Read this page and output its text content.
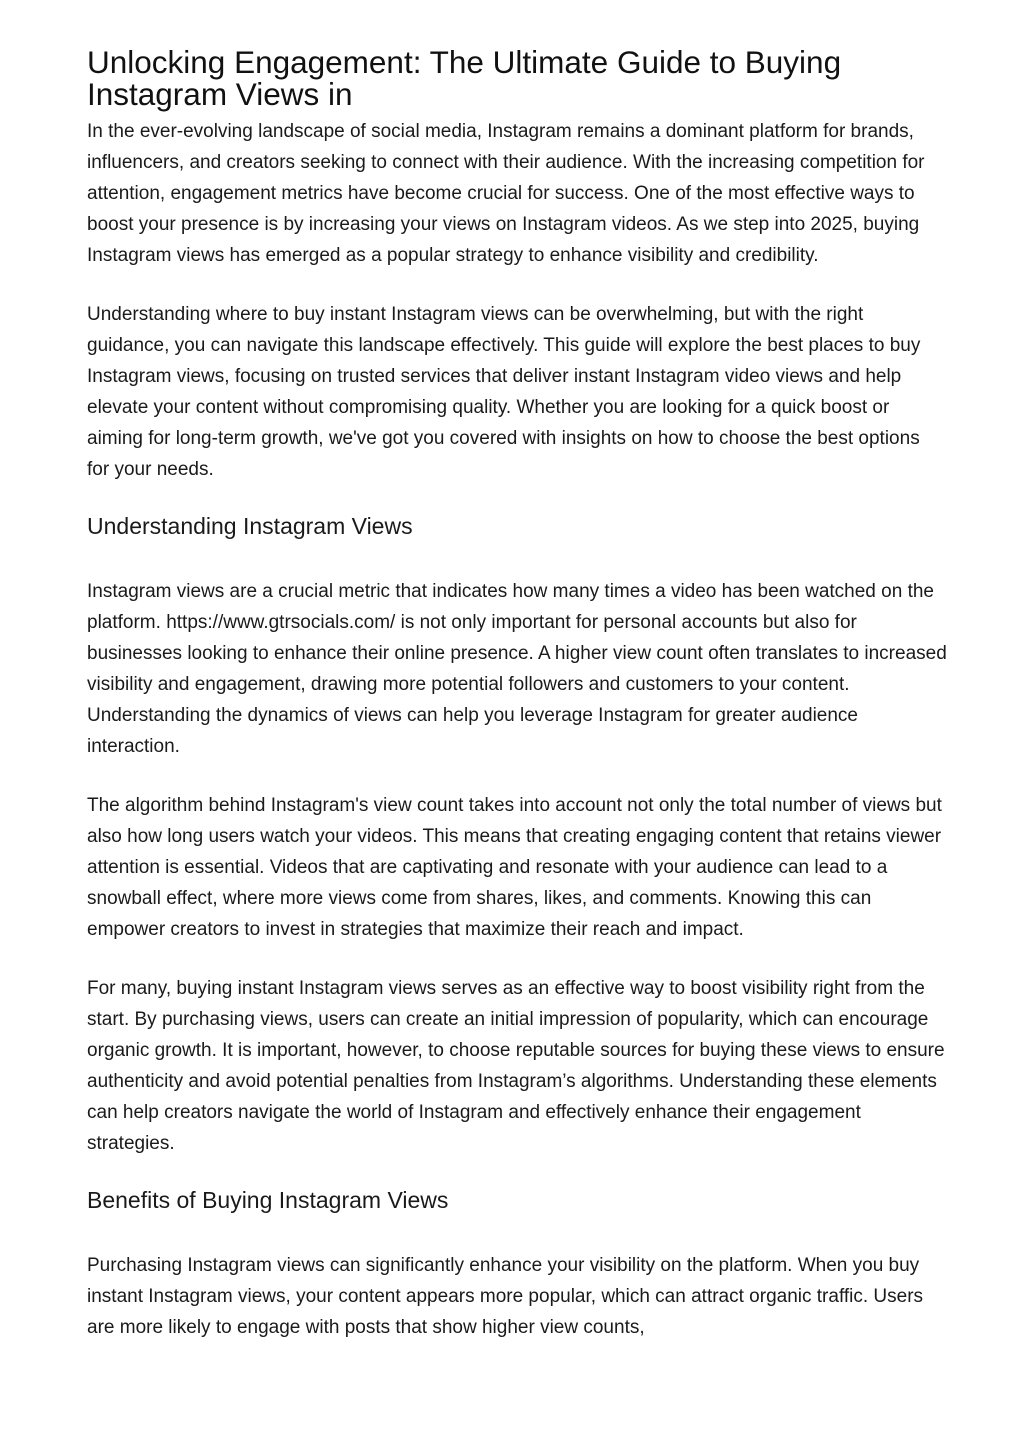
Unlocking Engagement: The Ultimate Guide to Buying Instagram Views in

In the ever-evolving landscape of social media, Instagram remains a dominant platform for brands, influencers, and creators seeking to connect with their audience. With the increasing competition for attention, engagement metrics have become crucial for success. One of the most effective ways to boost your presence is by increasing your views on Instagram videos. As we step into 2025, buying Instagram views has emerged as a popular strategy to enhance visibility and credibility.

Understanding where to buy instant Instagram views can be overwhelming, but with the right guidance, you can navigate this landscape effectively. This guide will explore the best places to buy Instagram views, focusing on trusted services that deliver instant Instagram video views and help elevate your content without compromising quality. Whether you are looking for a quick boost or aiming for long-term growth, we've got you covered with insights on how to choose the best options for your needs.

Understanding Instagram Views

Instagram views are a crucial metric that indicates how many times a video has been watched on the platform. https://www.gtrsocials.com/ is not only important for personal accounts but also for businesses looking to enhance their online presence. A higher view count often translates to increased visibility and engagement, drawing more potential followers and customers to your content. Understanding the dynamics of views can help you leverage Instagram for greater audience interaction.

The algorithm behind Instagram's view count takes into account not only the total number of views but also how long users watch your videos. This means that creating engaging content that retains viewer attention is essential. Videos that are captivating and resonate with your audience can lead to a snowball effect, where more views come from shares, likes, and comments. Knowing this can empower creators to invest in strategies that maximize their reach and impact.

For many, buying instant Instagram views serves as an effective way to boost visibility right from the start. By purchasing views, users can create an initial impression of popularity, which can encourage organic growth. It is important, however, to choose reputable sources for buying these views to ensure authenticity and avoid potential penalties from Instagram’s algorithms. Understanding these elements can help creators navigate the world of Instagram and effectively enhance their engagement strategies.

Benefits of Buying Instagram Views

Purchasing Instagram views can significantly enhance your visibility on the platform. When you buy instant Instagram views, your content appears more popular, which can attract organic traffic. Users are more likely to engage with posts that show higher view counts,
